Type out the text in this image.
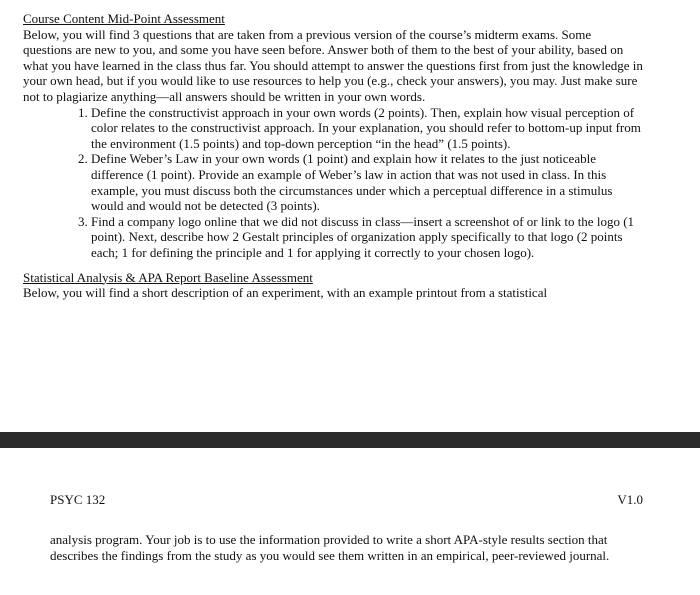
Course Content Mid-Point Assessment
Below, you will find 3 questions that are taken from a previous version of the course’s midterm exams. Some questions are new to you, and some you have seen before. Answer both of them to the best of your ability, based on what you have learned in the class thus far. You should attempt to answer the questions first from just the knowledge in your own head, but if you would like to use resources to help you (e.g., check your answers), you may. Just make sure not to plagiarize anything—all answers should be written in your own words.
1. Define the constructivist approach in your own words (2 points). Then, explain how visual perception of color relates to the constructivist approach. In your explanation, you should refer to bottom-up input from the environment (1.5 points) and top-down perception “in the head” (1.5 points).
2. Define Weber’s Law in your own words (1 point) and explain how it relates to the just noticeable difference (1 point). Provide an example of Weber’s law in action that was not used in class. In this example, you must discuss both the circumstances under which a perceptual difference in a stimulus would and would not be detected (3 points).
3. Find a company logo online that we did not discuss in class—insert a screenshot of or link to the logo (1 point). Next, describe how 2 Gestalt principles of organization apply specifically to that logo (2 points each; 1 for defining the principle and 1 for applying it correctly to your chosen logo).
Statistical Analysis & APA Report Baseline Assessment
Below, you will find a short description of an experiment, with an example printout from a statistical
PSYC 132	V1.0
analysis program. Your job is to use the information provided to write a short APA-style results section that describes the findings from the study as you would see them written in an empirical, peer-reviewed journal.
